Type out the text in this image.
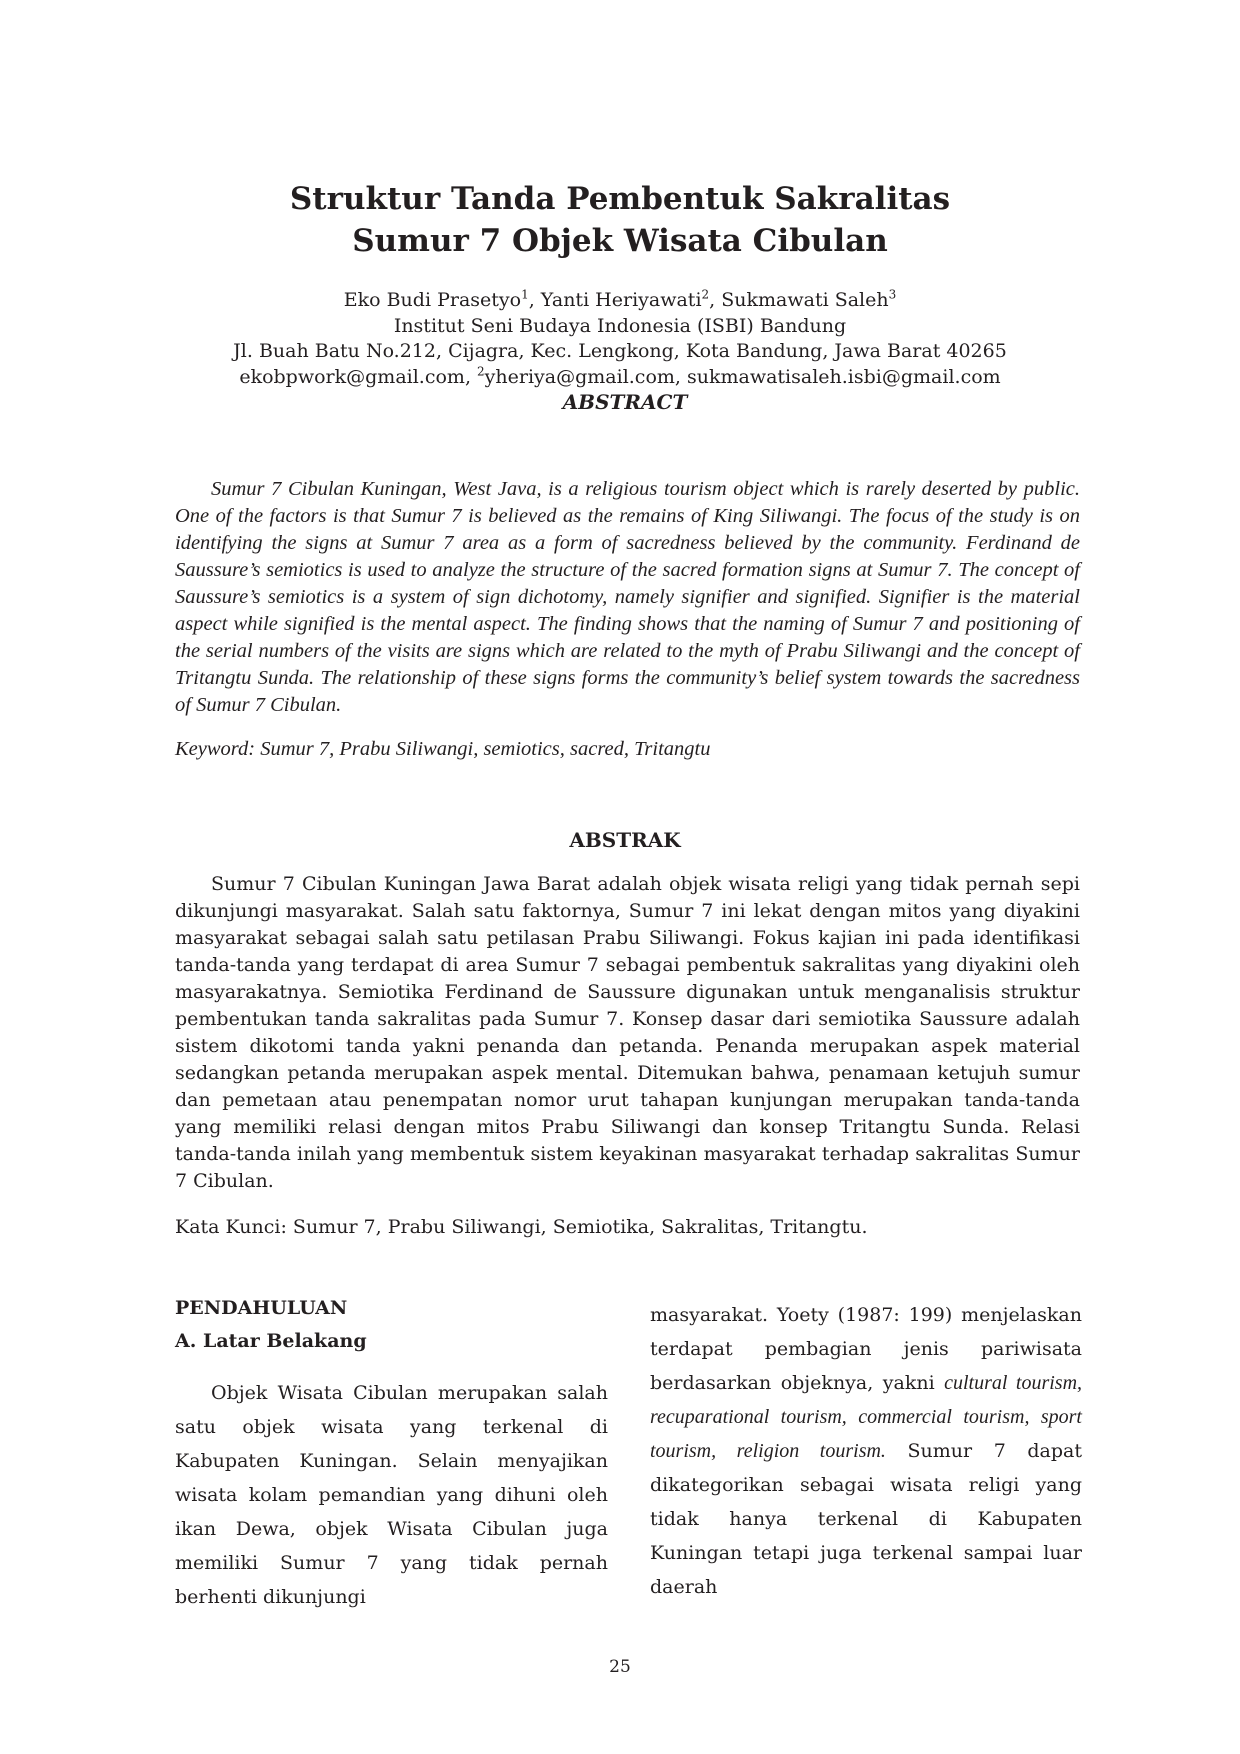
Struktur Tanda Pembentuk Sakralitas
Sumur 7 Objek Wisata Cibulan
Eko Budi Prasetyo$^1$, Yanti Heriyawati$^2$, Sukmawati Saleh$^3$
Institut Seni Budaya Indonesia (ISBI) Bandung
Jl. Buah Batu No.212, Cijagra, Kec. Lengkong, Kota Bandung, Jawa Barat 40265
ekobpwork@gmail.com, $^2$yheriya@gmail.com, sukmawatisaleh.isbi@gmail.com
ABSTRACT

Sumur 7 Cibulan Kuningan, West Java, is a religious tourism object which is rarely deserted by public. One of the factors is that Sumur 7 is believed as the remains of King Siliwangi. The focus of the study is on identifying the signs at Sumur 7 area as a form of sacredness believed by the community. Ferdinand de Saussure’s semiotics is used to analyze the structure of the sacred formation signs at Sumur 7. The concept of Saussure’s semiotics is a system of sign dichotomy, namely signifier and signified. Signifier is the material aspect while signified is the mental aspect. The finding shows that the naming of Sumur 7 and positioning of the serial numbers of the visits are signs which are related to the myth of Prabu Siliwangi and the concept of Tritangtu Sunda. The relationship of these signs forms the community’s belief system towards the sacredness of Sumur 7 Cibulan.

Keyword: Sumur 7, Prabu Siliwangi, semiotics, sacred, Tritangtu
ABSTRAK

Sumur 7 Cibulan Kuningan Jawa Barat adalah objek wisata religi yang tidak pernah sepi dikunjungi masyarakat. Salah satu faktornya, Sumur 7 ini lekat dengan mitos yang diyakini masyarakat sebagai salah satu petilasan Prabu Siliwangi. Fokus kajian ini pada identifikasi tanda-tanda yang terdapat di area Sumur 7 sebagai pembentuk sakralitas yang diyakini oleh masyarakatnya. Semiotika Ferdinand de Saussure digunakan untuk menganalisis struktur pembentukan tanda sakralitas pada Sumur 7. Konsep dasar dari semiotika Saussure adalah sistem dikotomi tanda yakni penanda dan petanda. Penanda merupakan aspek material sedangkan petanda merupakan aspek mental. Ditemukan bahwa, penamaan ketujuh sumur dan pemetaan atau penempatan nomor urut tahapan kunjungan merupakan tanda-tanda yang memiliki relasi dengan mitos Prabu Siliwangi dan konsep Tritangtu Sunda. Relasi tanda-tanda inilah yang membentuk sistem keyakinan masyarakat terhadap sakralitas Sumur 7 Cibulan.

Kata Kunci: Sumur 7, Prabu Siliwangi, Semiotika, Sakralitas, Tritangtu.
PENDAHULUAN
A. Latar Belakang

Objek Wisata Cibulan merupakan salah satu objek wisata yang terkenal di Kabupaten Kuningan. Selain menyajikan wisata kolam pemandian yang dihuni oleh ikan Dewa, objek Wisata Cibulan juga memiliki Sumur 7 yang tidak pernah berhenti dikunjungi

masyarakat. Yoety (1987: 199) menjelaskan terdapat pembagian jenis pariwisata berdasarkan objeknya, yakni cultural tourism, recuparational tourism, commercial tourism, sport tourism, religion tourism. Sumur 7 dapat dikategorikan sebagai wisata religi yang tidak hanya terkenal di Kabupaten Kuningan tetapi juga terkenal sampai luar daerah

25
